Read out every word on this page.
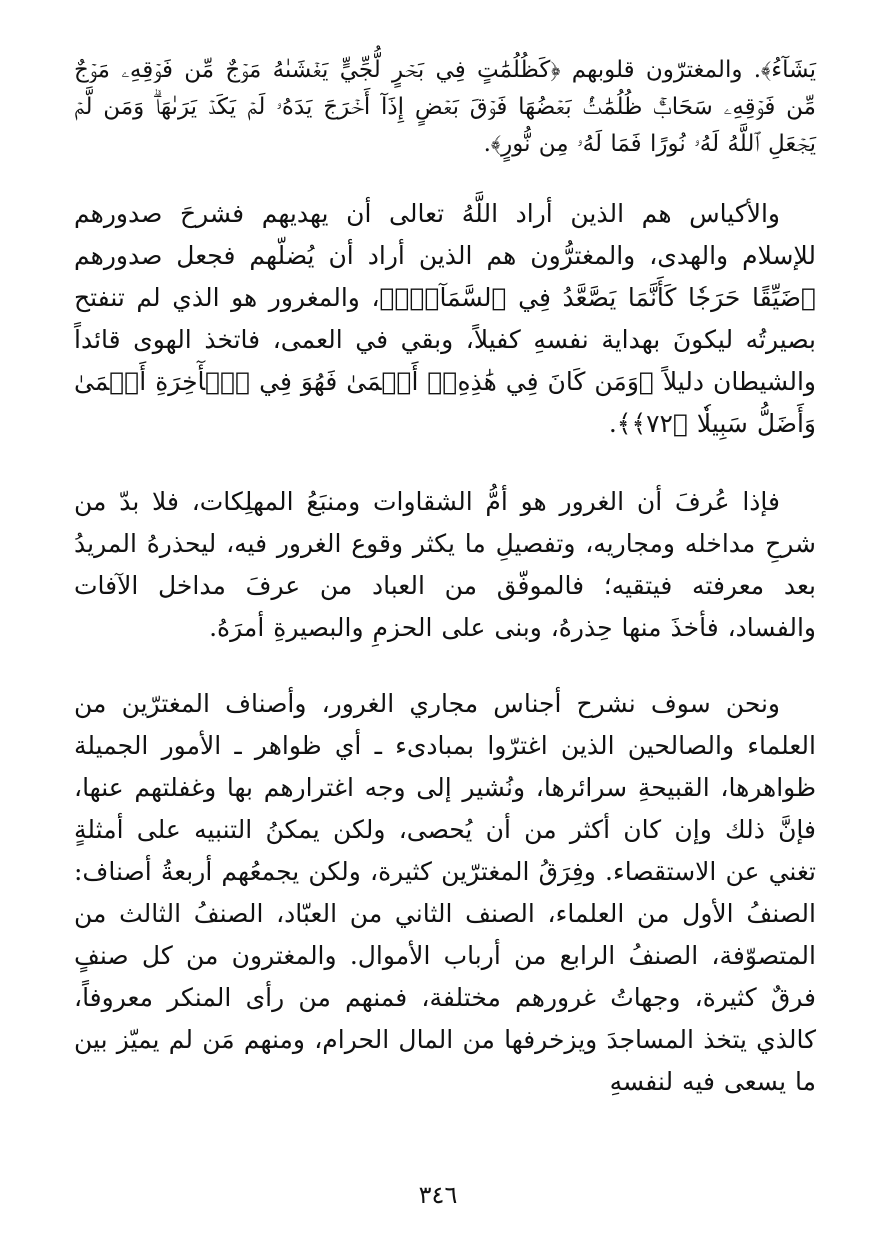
يَشَآءُ﴾. والمغترّون قلوبهم ﴿كَظُلُمَٰتٍ فِي بَحۡرٍ لُّجِّيٍّ يَغۡشَىٰهُ مَوۡجٌ مِّن فَوۡقِهِۦ مَوۡجٌ مِّن فَوۡقِهِۦ سَحَابٌۚ ظُلُمَٰتُۢ بَعۡضُهَا فَوۡقَ بَعۡضٍ إِذَآ أَخۡرَجَ يَدَهُۥ لَمۡ يَكَدۡ يَرَىٰهَاۗ وَمَن لَّمۡ يَجۡعَلِ ٱللَّهُ لَهُۥ نُورًا فَمَا لَهُۥ مِن نُّورٍ﴾.

والأكياس هم الذين أراد اللَّهُ تعالى أن يهديهم فشرحَ صدورهم للإسلام والهدى، والمغترُّون هم الذين أراد أن يُضلّهم فجعل صدورهم ﴿ضَيِّقًا حَرَجٗا كَأَنَّمَا يَصَّعَّدُ فِي ٱلسَّمَآءِۚ﴾، والمغرور هو الذي لم تنفتح بصيرتُه ليكونَ بهداية نفسهِ كفيلاً، وبقي في العمى، فاتخذ الهوى قائداً والشيطان دليلاً ﴿وَمَن كَانَ فِي هَٰذِهِۦٓ أَعۡمَىٰ فَهُوَ فِي ٱلۡأٓخِرَةِ أَعۡمَىٰ وَأَضَلُّ سَبِيلٗا ﴿٧٢﴾﴾.

فإذا عُرفَ أن الغرور هو أمُّ الشقاوات ومنبَعُ المهلِكات، فلا بدّ من شرحِ مداخله ومجاريه، وتفصيلِ ما يكثر وقوع الغرور فيه، ليحذرهُ المريدُ بعد معرفته فيتقيه؛ فالموفّق من العباد من عرفَ مداخل الآفات والفساد، فأخذَ منها حِذرهُ، وبنى على الحزمِ والبصيرةِ أمرَهُ.

ونحن سوف نشرح أجناس مجاري الغرور، وأصناف المغترّين من العلماء والصالحين الذين اغترّوا بمبادىء ـ أي ظواهر ـ الأمور الجميلة ظواهرها، القبيحةِ سرائرها، ونُشير إلى وجه اغترارهم بها وغفلتهم عنها، فإنَّ ذلك وإن كان أكثر من أن يُحصى، ولكن يمكنُ التنبيه على أمثلةٍ تغني عن الاستقصاء. وفِرَقُ المغترّين كثيرة، ولكن يجمعُهم أربعةُ أصناف: الصنفُ الأول من العلماء، الصنف الثاني من العبّاد، الصنفُ الثالث من المتصوّفة، الصنفُ الرابع من أرباب الأموال. والمغترون من كل صنفٍ فرقٌ كثيرة، وجهاتُ غرورهم مختلفة، فمنهم من رأى المنكر معروفاً، كالذي يتخذ المساجدَ ويزخرفها من المال الحرام، ومنهم مَن لم يميّز بين ما يسعى فيه لنفسهِ

٣٤٦
